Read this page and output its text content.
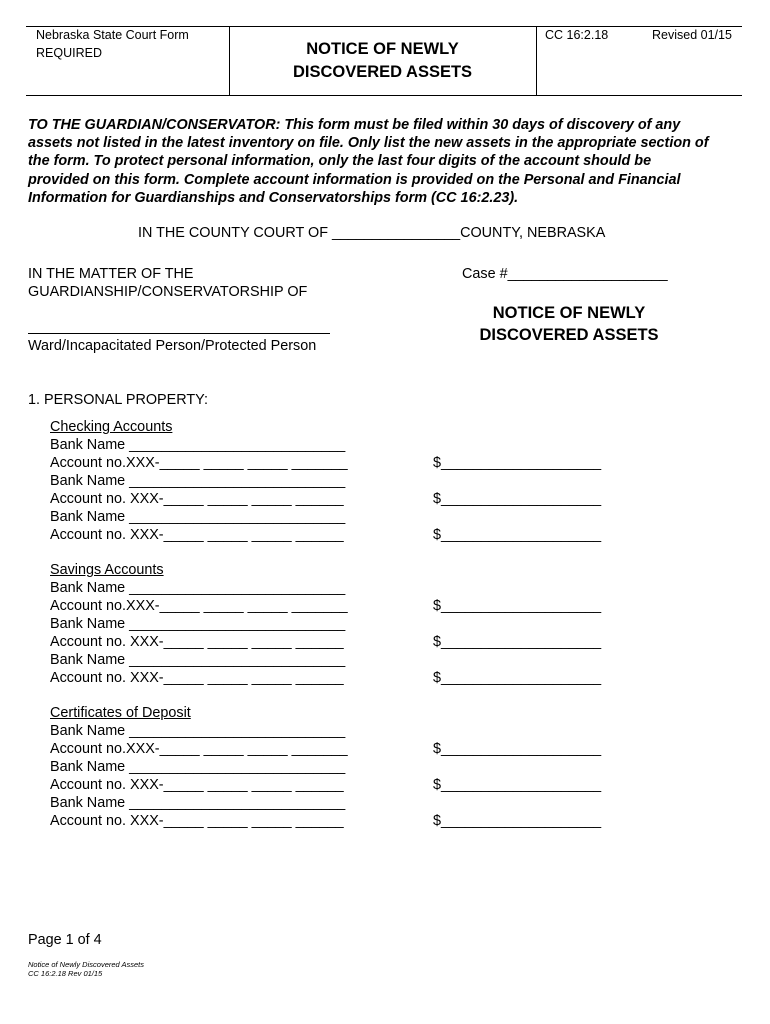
Nebraska State Court Form
REQUIRED	NOTICE OF NEWLY
DISCOVERED ASSETS
CC 16:2.18	Revised 01/15
TO THE GUARDIAN/CONSERVATOR: This form must be filed within 30 days of discovery of any
assets not listed in the latest inventory on file. Only list the new assets in the appropriate section of
the form. To protect personal information, only the last four digits of the account should be
provided on this form. Complete account information is provided on the Personal and Financial
Information for Guardianships and Conservatorships form (CC 16:2.23).
IN THE COUNTY COURT OF ________________COUNTY, NEBRASKA
IN THE MATTER OF THE
GUARDIANSHIP/CONSERVATORSHIP OF
Ward/Incapacitated Person/Protected Person
Case #____________________
NOTICE OF NEWLY
DISCOVERED ASSETS
1. PERSONAL PROPERTY:
Checking Accounts
Bank Name ___________________________
Account no.XXX-_____ _____ _____ _______
Bank Name ___________________________
Account no. XXX-_____ _____ _____ ______
Bank Name ___________________________
Account no. XXX-_____ _____ _____ ______
$____________________
$____________________
$____________________
Savings Accounts
Bank Name ___________________________
Account no.XXX-_____ _____ _____ _______
Bank Name ___________________________
Account no. XXX-_____ _____ _____ ______
Bank Name ___________________________
Account no. XXX-_____ _____ _____ ______
$____________________
$____________________
$____________________
Certificates of Deposit
Bank Name ___________________________
Account no.XXX-_____ _____ _____ _______
Bank Name ___________________________
Account no. XXX-_____ _____ _____ ______
Bank Name ___________________________
Account no. XXX-_____ _____ _____ ______
$____________________
$____________________
$____________________
Page 1 of 4
Notice of Newly Discovered Assets
CC 16:2.18 Rev 01/15
